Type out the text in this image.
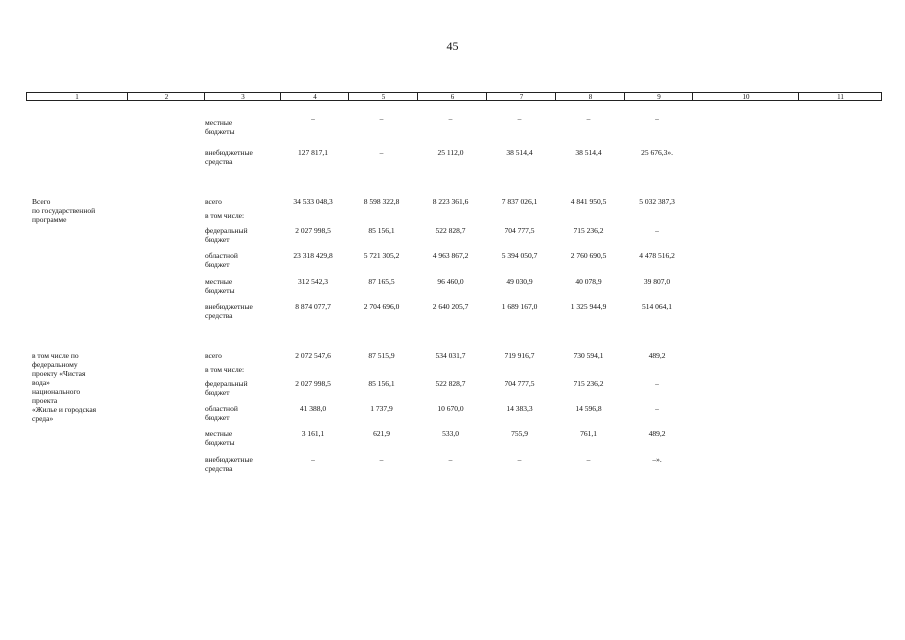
45
1	2	3	4	5	6	7	8	9	10	11
местные
бюджеты
–	–	–	–	–	–
внебюджетные
средства
127 817,1	–	25 112,0	38 514,4	38 514,4	25 676,3».
Всего
по государственной
программе
всего	34 533 048,3	8 598 322,8	8 223 361,6	7 837 026,1	4 841 950,5	5 032 387,3
в том числе:
федеральный
бюджет
2 027 998,5	85 156,1	522 828,7	704 777,5	715 236,2	–
областной
бюджет
23 318 429,8	5 721 305,2	4 963 867,2	5 394 050,7	2 760 690,5	4 478 516,2
местные
бюджеты
312 542,3	87 165,5	96 460,0	49 030,9	40 078,9	39 807,0
внебюджетные
средства
8 874 077,7	2 704 696,0	2 640 205,7	1 689 167,0	1 325 944,9	514 064,1
в том числе по
федеральному
проекту «Чистая
вода»
национального
проекта
«Жилье и городская
среда»
всего	2 072 547,6	87 515,9	534 031,7	719 916,7	730 594,1	489,2
в том числе:
федеральный
бюджет
2 027 998,5	85 156,1	522 828,7	704 777,5	715 236,2	–
областной
бюджет
41 388,0	1 737,9	10 670,0	14 383,3	14 596,8	–
местные
бюджеты
3 161,1	621,9	533,0	755,9	761,1	489,2
внебюджетные
средства
–	–	–	–	–	–».
